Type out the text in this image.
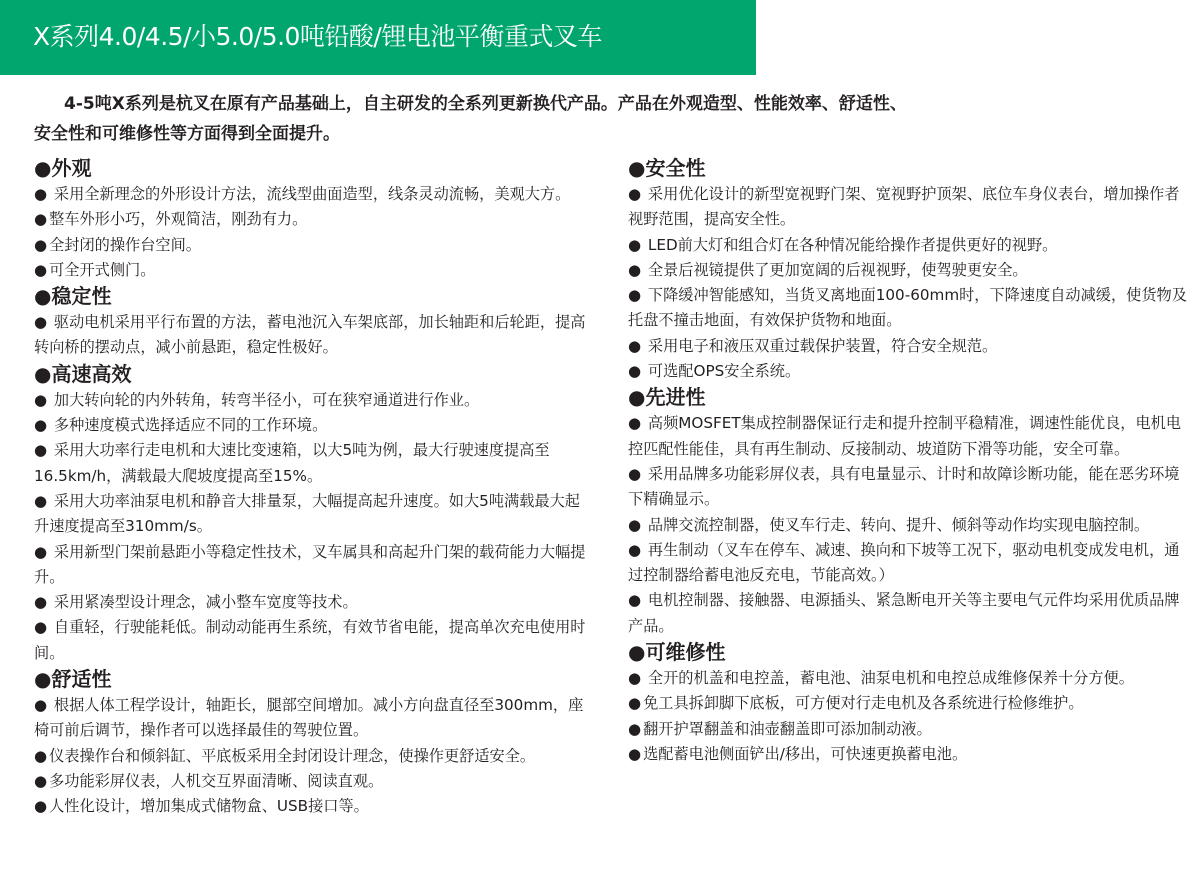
X系列4.0/4.5/小5.0/5.0吨铅酸/锂电池平衡重式叉车
4-5吨X系列是杭叉在原有产品基础上，自主研发的全系列更新换代产品。产品在外观造型、性能效率、舒适性、
安全性和可维修性等方面得到全面提升。

●外观

● 采用全新理念的外形设计方法，流线型曲面造型，线条灵动流畅，美观大方。

● 整车外形小巧，外观简洁，刚劲有力。

● 全封闭的操作台空间。

● 可全开式侧门。

●稳定性

● 驱动电机采用平行布置的方法，蓄电池沉入车架底部，加长轴距和后轮距，提高转向桥的摆动点，减小前悬距，稳定性极好。

●高速高效

● 加大转向轮的内外转角，转弯半径小，可在狭窄通道进行作业。

● 多种速度模式选择适应不同的工作环境。

● 采用大功率行走电机和大速比变速箱，以大5吨为例，最大行驶速度提高至16.5km/h，满载最大爬坡度提高至15%。

● 采用大功率油泵电机和静音大排量泵，大幅提高起升速度。如大5吨满载最大起升速度提高至310mm/s。

● 采用新型门架前悬距小等稳定性技术，叉车属具和高起升门架的载荷能力大幅提升。

● 采用紧凑型设计理念，减小整车宽度等技术。

● 自重轻，行驶能耗低。制动动能再生系统，有效节省电能，提高单次充电使用时间。

●舒适性

● 根据人体工程学设计，轴距长，腿部空间增加。减小方向盘直径至300mm，座椅可前后调节，操作者可以选择最佳的驾驶位置。

● 仪表操作台和倾斜缸、平底板采用全封闭设计理念，使操作更舒适安全。

● 多功能彩屏仪表，人机交互界面清晰、阅读直观。

● 人性化设计，增加集成式储物盒、USB接口等。

●安全性

● 采用优化设计的新型宽视野门架、宽视野护顶架、底位车身仪表台，增加操作者视野范围，提高安全性。

● LED前大灯和组合灯在各种情况能给操作者提供更好的视野。

● 全景后视镜提供了更加宽阔的后视视野，使驾驶更安全。

● 下降缓冲智能感知，当货叉离地面100-60mm时，下降速度自动减缓，使货物及托盘不撞击地面，有效保护货物和地面。

● 采用电子和液压双重过载保护装置，符合安全规范。

● 可选配OPS安全系统。

●先进性

● 高频MOSFET集成控制器保证行走和提升控制平稳精准，调速性能优良，电机电控匹配性能佳，具有再生制动、反接制动、坡道防下滑等功能，安全可靠。

● 采用品牌多功能彩屏仪表，具有电量显示、计时和故障诊断功能，能在恶劣环境下精确显示。

● 品牌交流控制器，使叉车行走、转向、提升、倾斜等动作均实现电脑控制。

● 再生制动（叉车在停车、减速、换向和下坡等工况下，驱动电机变成发电机，通过控制器给蓄电池反充电，节能高效。）

● 电机控制器、接触器、电源插头、紧急断电开关等主要电气元件均采用优质品牌产品。

●可维修性

● 全开的机盖和电控盖，蓄电池、油泵电机和电控总成维修保养十分方便。

● 免工具拆卸脚下底板，可方便对行走电机及各系统进行检修维护。

● 翻开护罩翻盖和油壶翻盖即可添加制动液。

● 选配蓄电池侧面铲出/移出，可快速更换蓄电池。
